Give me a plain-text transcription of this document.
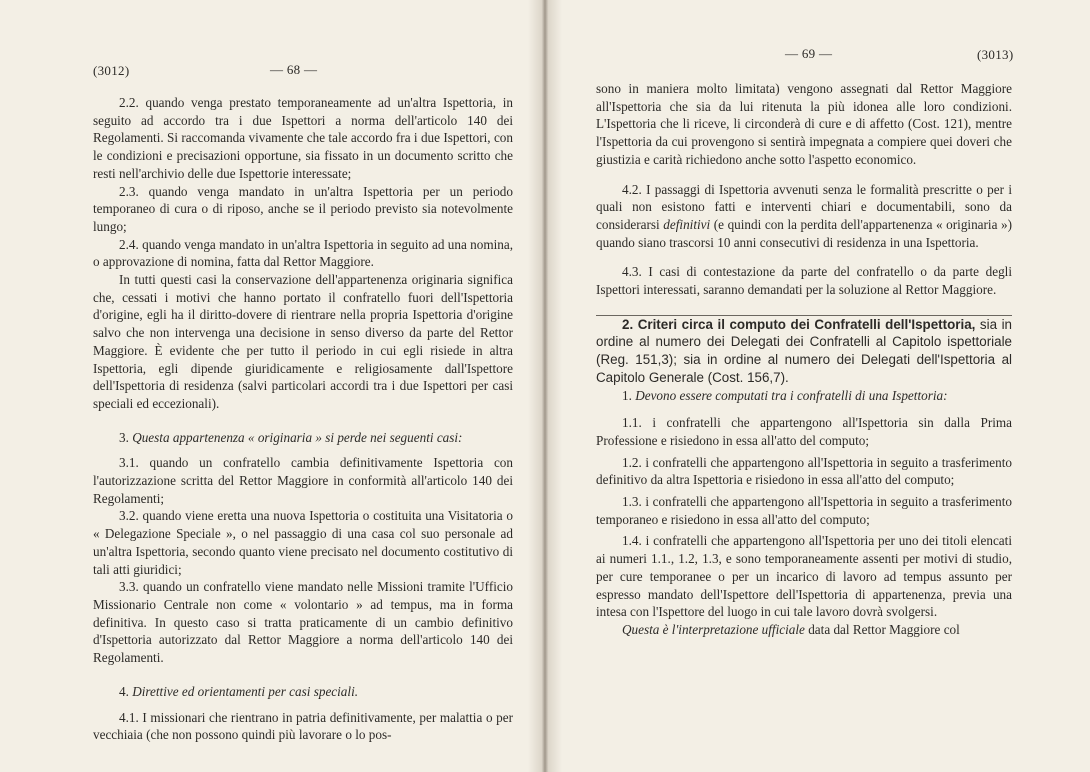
(3012)	— 68 —

2.2. quando venga prestato temporaneamente ad un'altra Ispettoria, in seguito ad accordo tra i due Ispettori a norma dell'articolo 140 dei Regolamenti. Si raccomanda vivamente che tale accordo fra i due Ispettori, con le condizioni e precisazioni opportune, sia fissato in un documento scritto che resti nell'archivio delle due Ispettorie interessate;

2.3. quando venga mandato in un'altra Ispettoria per un periodo temporaneo di cura o di riposo, anche se il periodo previsto sia notevolmente lungo;

2.4. quando venga mandato in un'altra Ispettoria in seguito ad una nomina, o approvazione di nomina, fatta dal Rettor Maggiore.

In tutti questi casi la conservazione dell'appartenenza originaria significa che, cessati i motivi che hanno portato il confratello fuori dell'Ispettoria d'origine, egli ha il diritto-dovere di rientrare nella propria Ispettoria d'origine salvo che non intervenga una decisione in senso diverso da parte del Rettor Maggiore. È evidente che per tutto il periodo in cui egli risiede in altra Ispettoria, egli dipende giuridicamente e religiosamente dall'Ispettore dell'Ispettoria di residenza (salvi particolari accordi tra i due Ispettori per casi speciali ed eccezionali).

3. Questa appartenenza « originaria » si perde nei seguenti casi:

3.1. quando un confratello cambia definitivamente Ispettoria con l'autorizzazione scritta del Rettor Maggiore in conformità all'articolo 140 dei Regolamenti;

3.2. quando viene eretta una nuova Ispettoria o costituita una Visitatoria o « Delegazione Speciale », o nel passaggio di una casa col suo personale ad un'altra Ispettoria, secondo quanto viene precisato nel documento costitutivo di tali atti giuridici;

3.3. quando un confratello viene mandato nelle Missioni tramite l'Ufficio Missionario Centrale non come « volontario » ad tempus, ma in forma definitiva. In questo caso si tratta praticamente di un cambio definitivo d'Ispettoria autorizzato dal Rettor Maggiore a norma dell'articolo 140 dei Regolamenti.

4. Direttive ed orientamenti per casi speciali.

4.1. I missionari che rientrano in patria definitivamente, per malattia o per vecchiaia (che non possono quindi più lavorare o lo pos-

— 69 —	(3013)

sono in maniera molto limitata) vengono assegnati dal Rettor Maggiore all'Ispettoria che sia da lui ritenuta la più idonea alle loro condizioni. L'Ispettoria che li riceve, li circonderà di cure e di affetto (Cost. 121), mentre l'Ispettoria da cui provengono si sentirà impegnata a compiere quei doveri che giustizia e carità richiedono anche sotto l'aspetto economico.

4.2. I passaggi di Ispettoria avvenuti senza le formalità prescritte o per i quali non esistono fatti e interventi chiari e documentabili, sono da considerarsi definitivi (e quindi con la perdita dell'appartenenza « originaria ») quando siano trascorsi 10 anni consecutivi di residenza in una Ispettoria.

4.3. I casi di contestazione da parte del confratello o da parte degli Ispettori interessati, saranno demandati per la soluzione al Rettor Maggiore.

2. Criteri circa il computo dei Confratelli dell'Ispettoria, sia in ordine al numero dei Delegati dei Confratelli al Capitolo ispettoriale (Reg. 151,3); sia in ordine al numero dei Delegati dell'Ispettoria al Capitolo Generale (Cost. 156,7).

1. Devono essere computati tra i confratelli di una Ispettoria:

1.1. i confratelli che appartengono all'Ispettoria sin dalla Prima Professione e risiedono in essa all'atto del computo;

1.2. i confratelli che appartengono all'Ispettoria in seguito a trasferimento definitivo da altra Ispettoria e risiedono in essa all'atto del computo;

1.3. i confratelli che appartengono all'Ispettoria in seguito a trasferimento temporaneo e risiedono in essa all'atto del computo;

1.4. i confratelli che appartengono all'Ispettoria per uno dei titoli elencati ai numeri 1.1., 1.2, 1.3, e sono temporaneamente assenti per motivi di studio, per cure temporanee o per un incarico di lavoro ad tempus assunto per espresso mandato dell'Ispettore dell'Ispettoria di appartenenza, previa una intesa con l'Ispettore del luogo in cui tale lavoro dovrà svolgersi.

Questa è l'interpretazione ufficiale data dal Rettor Maggiore col
